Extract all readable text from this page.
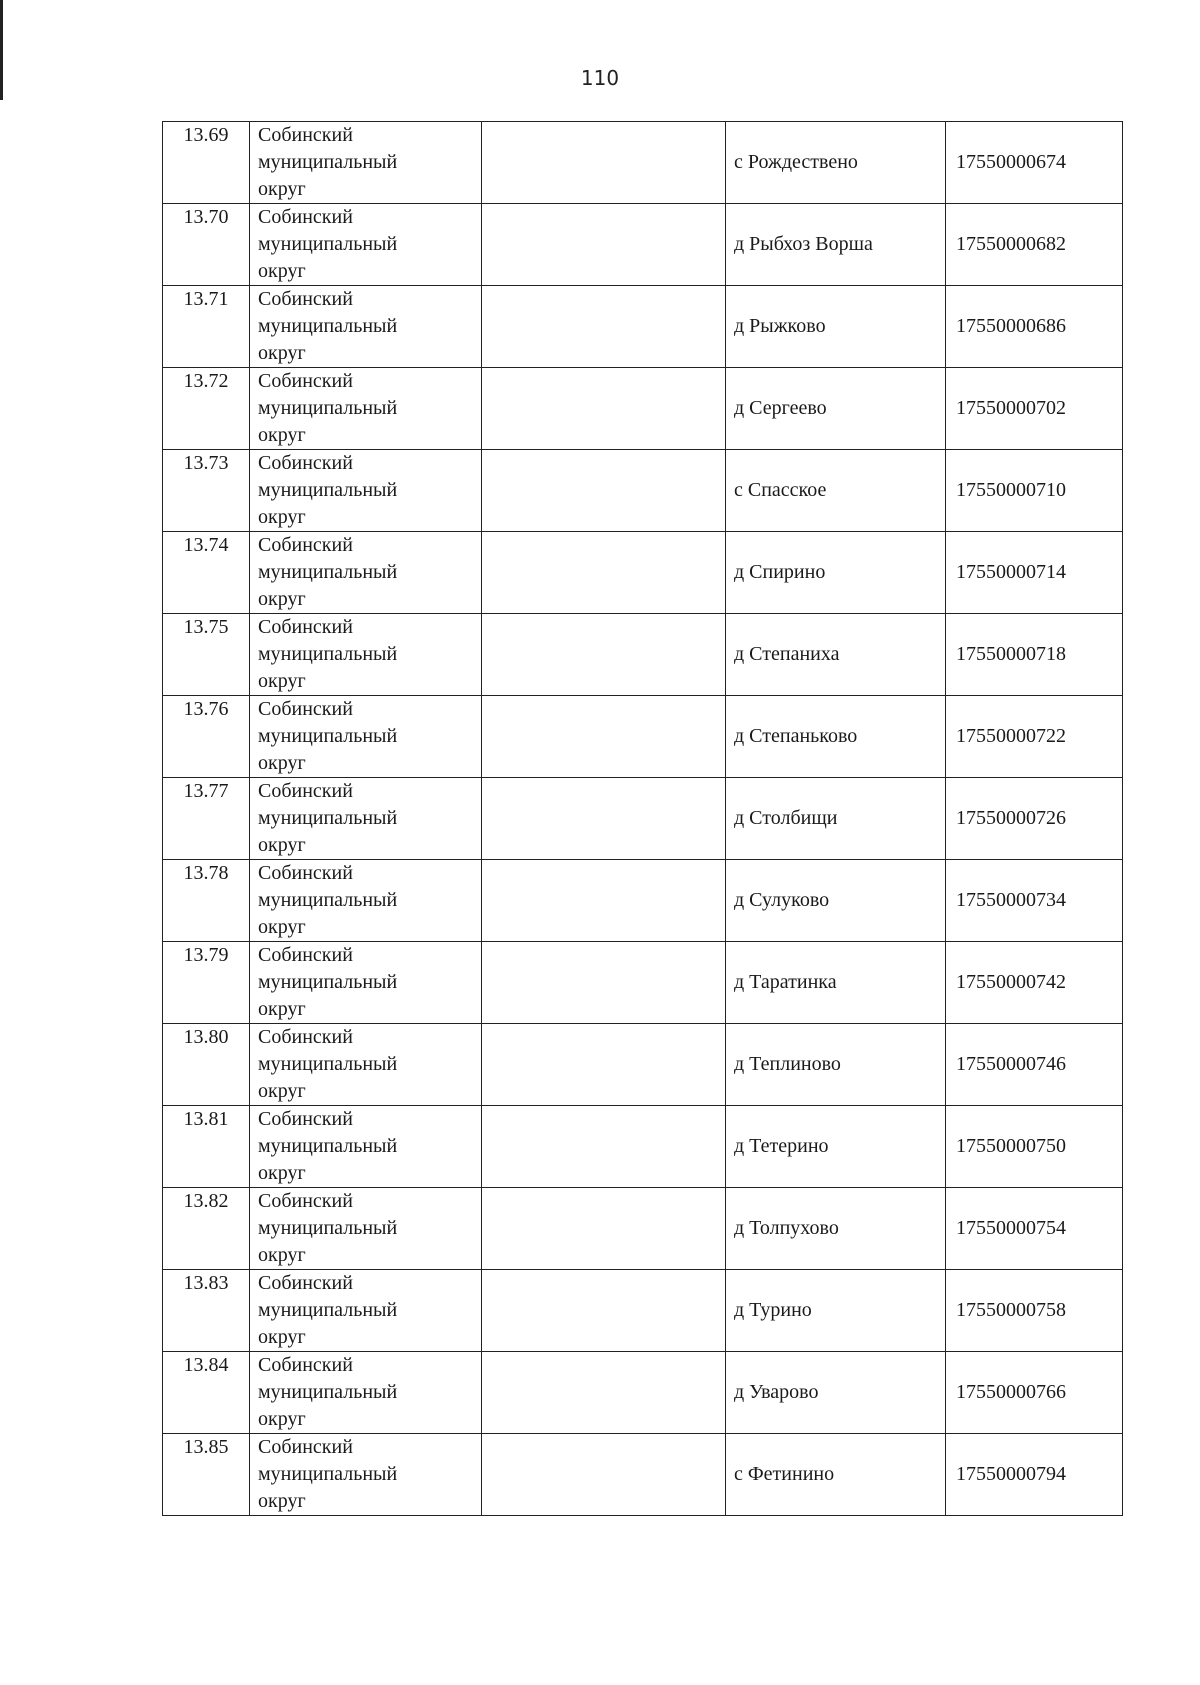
110
13.69	Собинский
муниципальный
округ		с Рождествено	17550000674
13.70	Собинский
муниципальный
округ		д Рыбхоз Ворша	17550000682
13.71	Собинский
муниципальный
округ		д Рыжково	17550000686
13.72	Собинский
муниципальный
округ		д Сергеево	17550000702
13.73	Собинский
муниципальный
округ		с Спасское	17550000710
13.74	Собинский
муниципальный
округ		д Спирино	17550000714
13.75	Собинский
муниципальный
округ		д Степаниха	17550000718
13.76	Собинский
муниципальный
округ		д Степаньково	17550000722
13.77	Собинский
муниципальный
округ		д Столбищи	17550000726
13.78	Собинский
муниципальный
округ		д Сулуково	17550000734
13.79	Собинский
муниципальный
округ		д Таратинка	17550000742
13.80	Собинский
муниципальный
округ		д Теплиново	17550000746
13.81	Собинский
муниципальный
округ		д Тетерино	17550000750
13.82	Собинский
муниципальный
округ		д Толпухово	17550000754
13.83	Собинский
муниципальный
округ		д Турино	17550000758
13.84	Собинский
муниципальный
округ		д Уварово	17550000766
13.85	Собинский
муниципальный
округ		с Фетинино	17550000794
